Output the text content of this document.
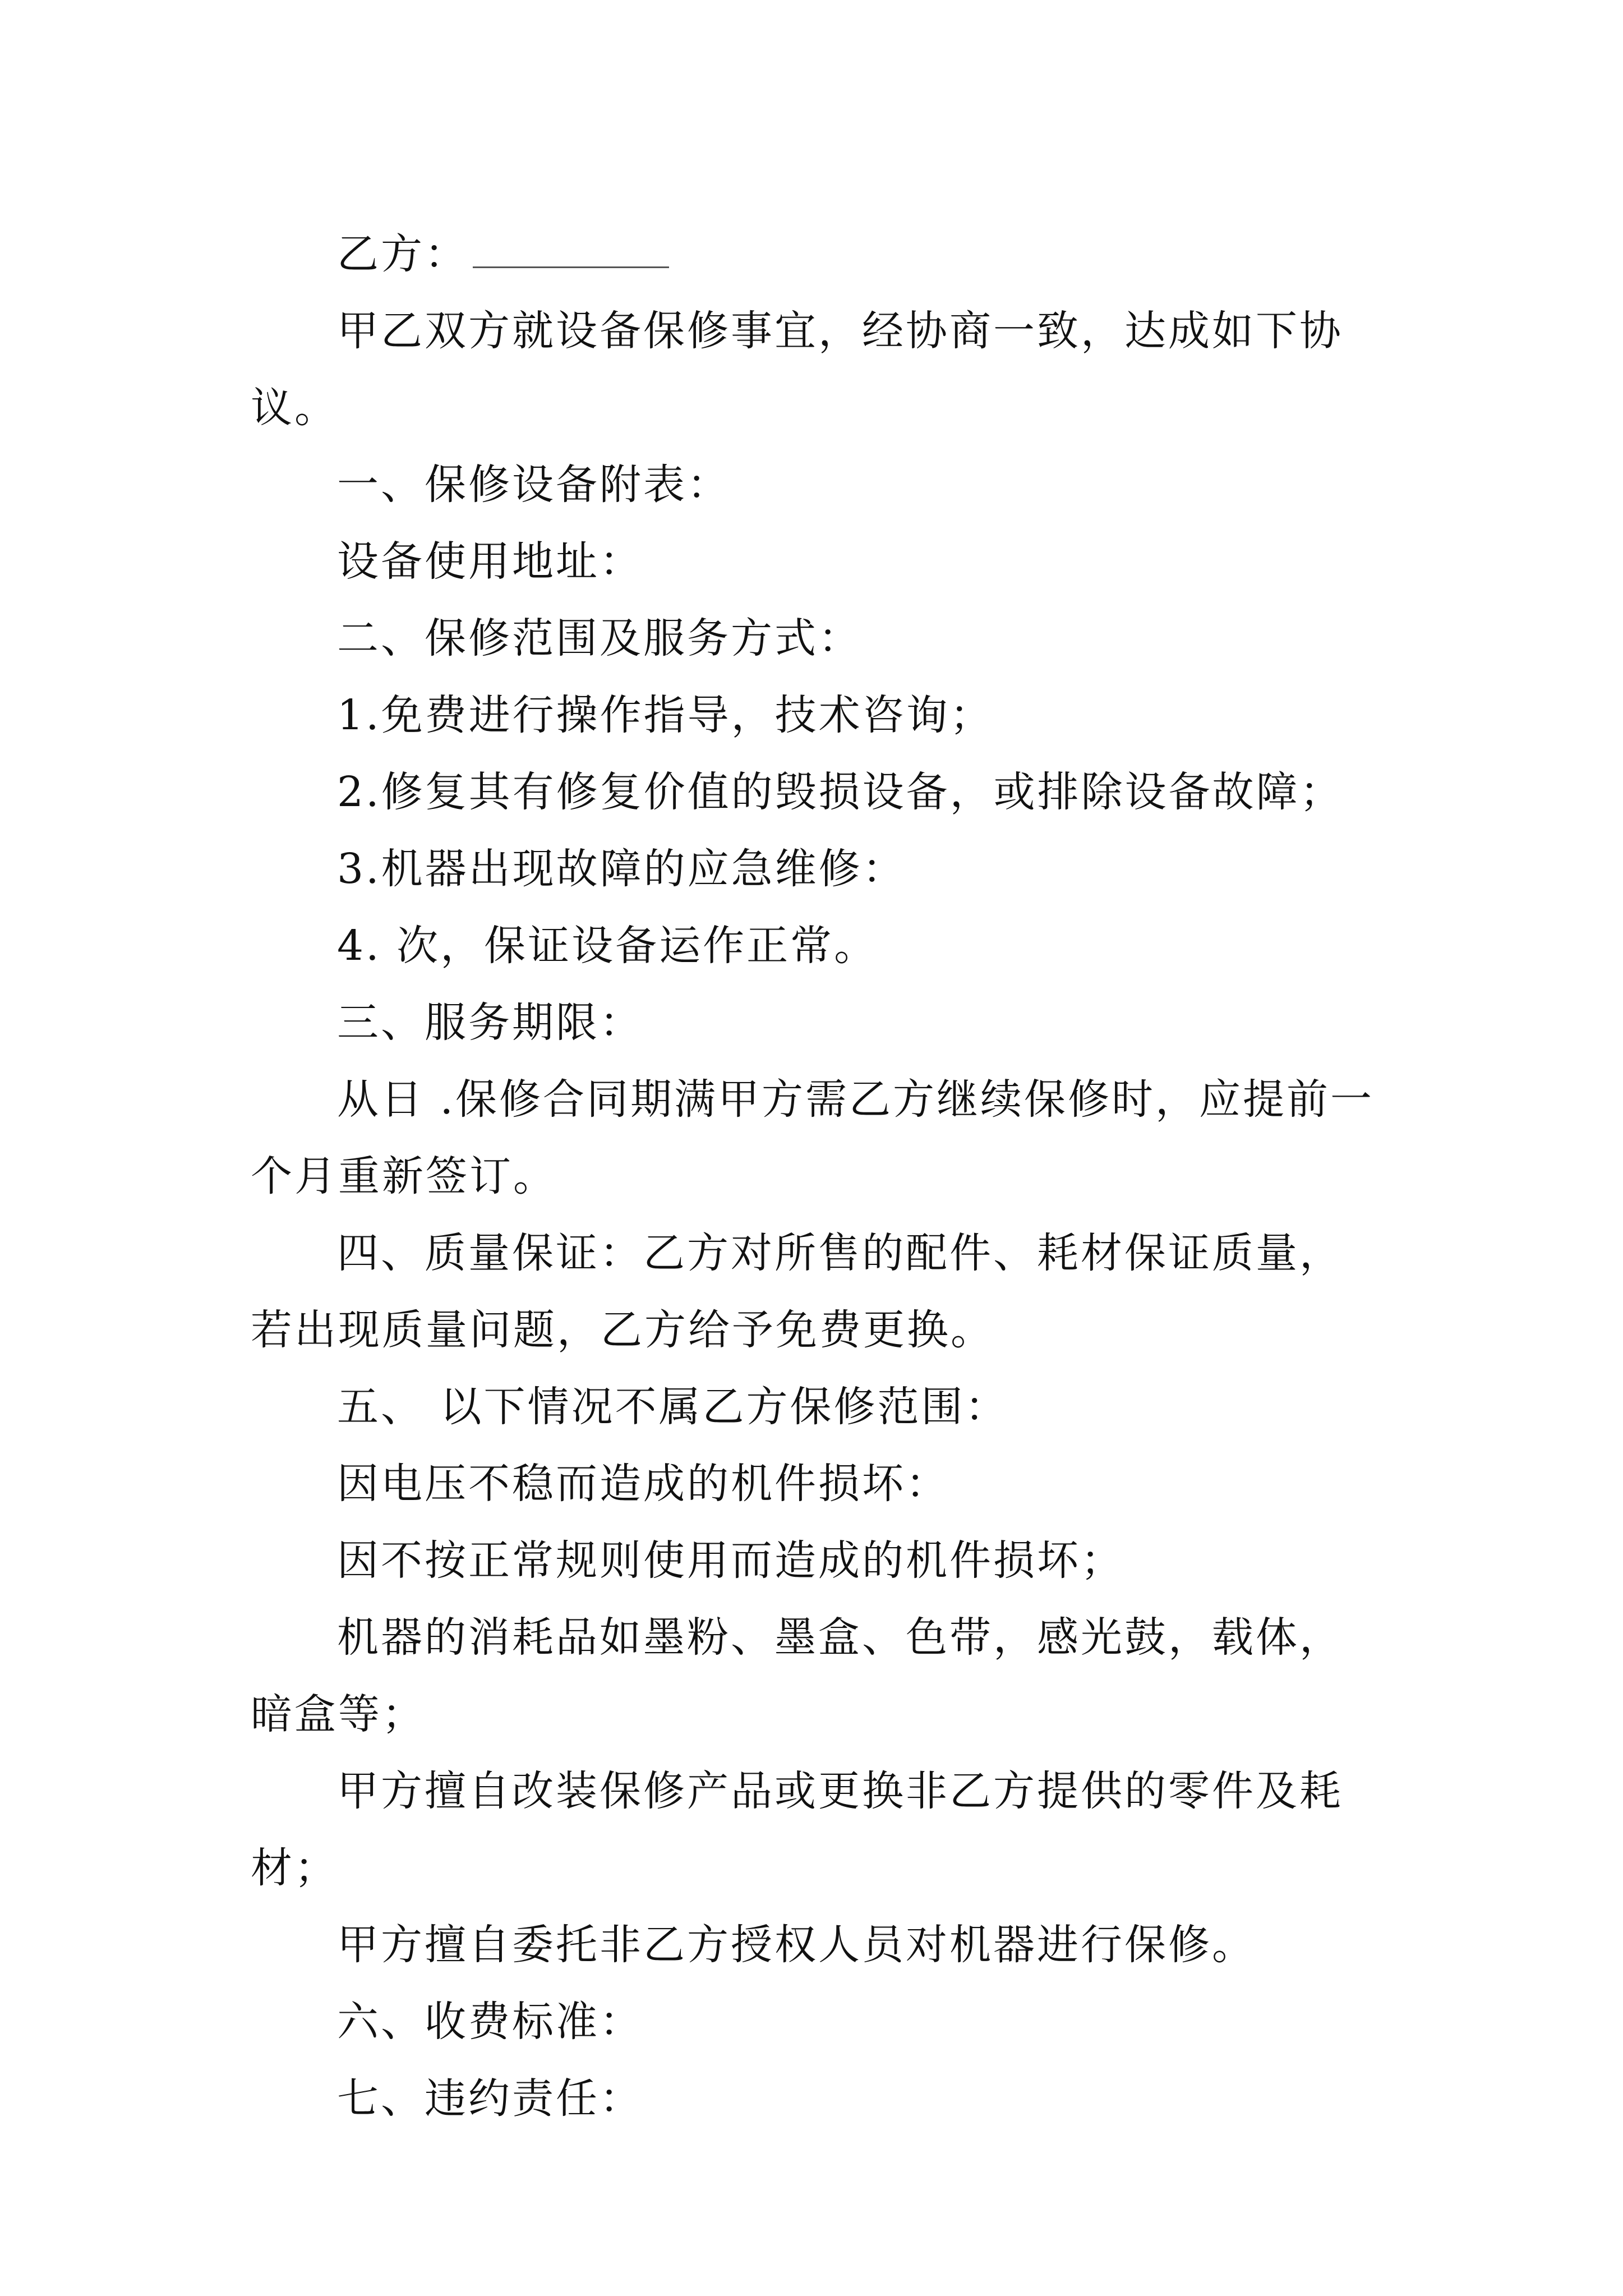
乙方：

甲乙双方就设备保修事宜，经协商一致，达成如下协议。

一、保修设备附表：

设备使用地址：

二、保修范围及服务方式：

1.免费进行操作指导，技术咨询；

2.修复其有修复价值的毁损设备，或排除设备故障；

3.机器出现故障的应急维修：

4. 次，保证设备运作正常。

三、服务期限：

从日 .保修合同期满甲方需乙方继续保修时，应提前一个月重新签订。

四、质量保证：乙方对所售的配件、耗材保证质量，若出现质量问题，乙方给予免费更换。

五、 以下情况不属乙方保修范围：

因电压不稳而造成的机件损坏：

因不按正常规则使用而造成的机件损坏；

机器的消耗品如墨粉、墨盒、色带，感光鼓，载体，暗盒等；

甲方擅自改装保修产品或更换非乙方提供的零件及耗材；

甲方擅自委托非乙方授权人员对机器进行保修。

六、收费标准：

七、违约责任：
